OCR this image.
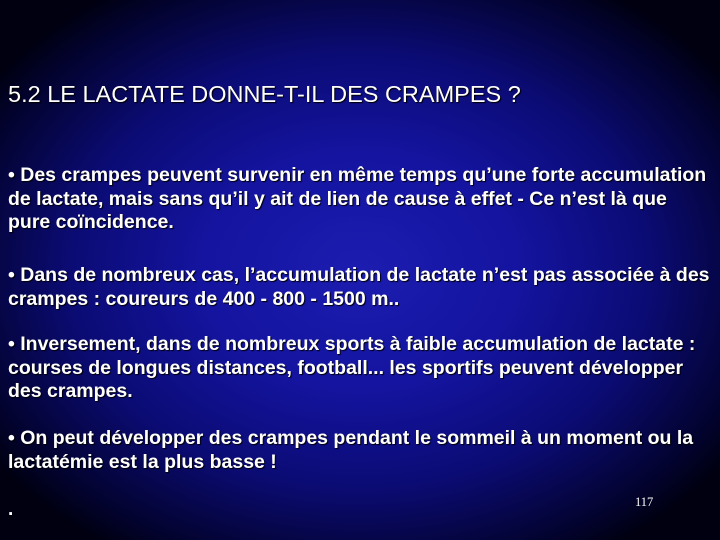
5.2 LE LACTATE DONNE-T-IL DES CRAMPES ?

• Des crampes peuvent survenir en même temps qu’une forte accumulation de lactate, mais sans qu’il y ait de lien de cause à effet - Ce n’est là que pure coïncidence.

• Dans de nombreux cas, l’accumulation de lactate n’est pas associée à des crampes : coureurs de 400 - 800 - 1500 m..

• Inversement, dans de nombreux sports à faible accumulation de lactate : courses de longues distances, football... les sportifs peuvent développer des crampes.

• On peut développer des crampes pendant le sommeil à un moment ou la lactatémie est la plus basse !

.	117
